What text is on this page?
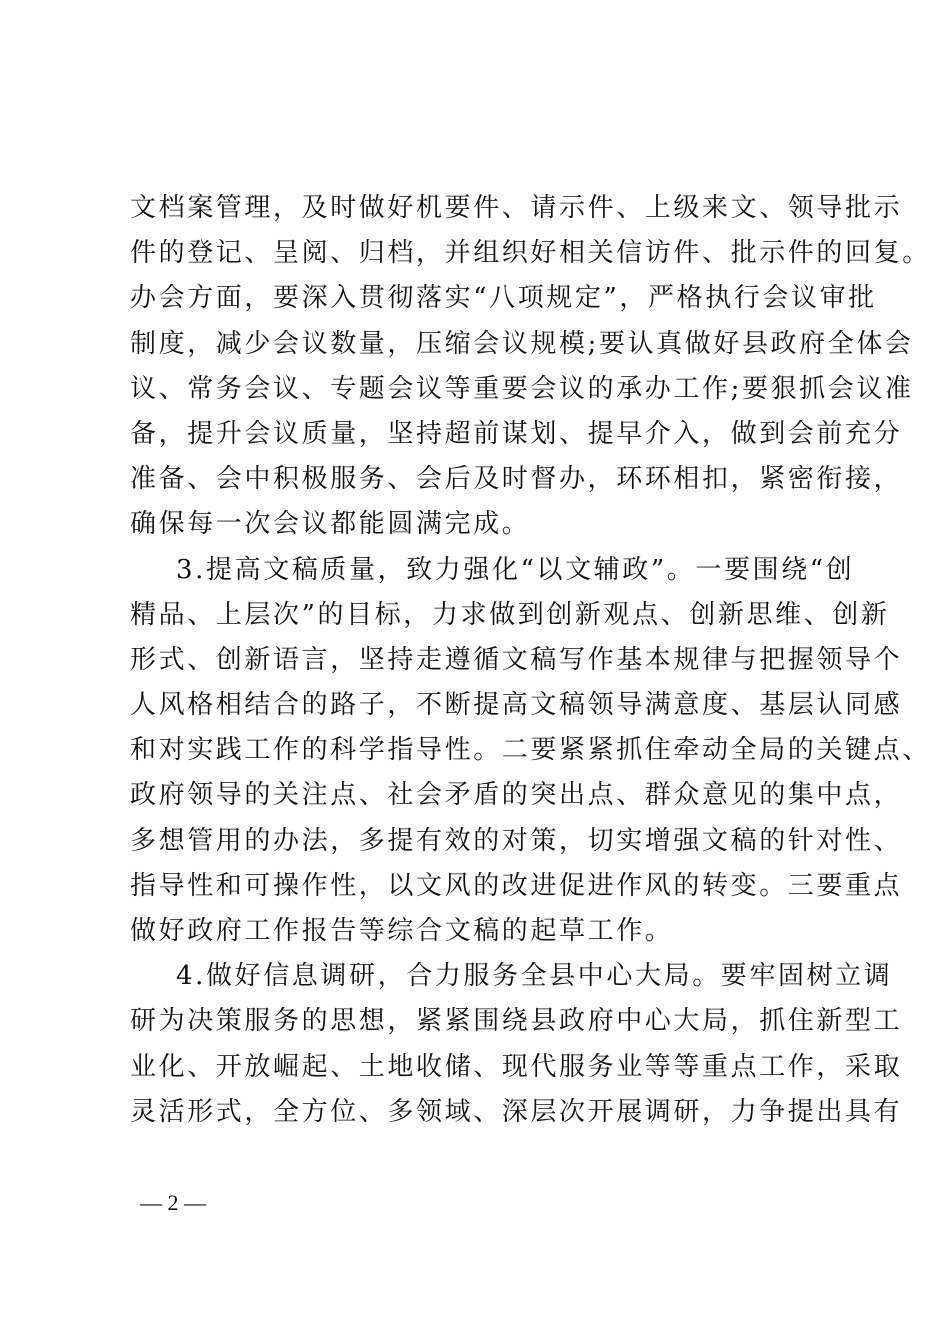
文档案管理，及时做好机要件、请示件、上级来文、领导批示
件的登记、呈阅、归档，并组织好相关信访件、批示件的回复。
办会方面，要深入贯彻落实“八项规定”，严格执行会议审批
制度，减少会议数量，压缩会议规模;要认真做好县政府全体会
议、常务会议、专题会议等重要会议的承办工作;要狠抓会议准
备，提升会议质量，坚持超前谋划、提早介入，做到会前充分
准备、会中积极服务、会后及时督办，环环相扣，紧密衔接，
确保每一次会议都能圆满完成。
3.提高文稿质量，致力强化“以文辅政”。一要围绕“创
精品、上层次”的目标，力求做到创新观点、创新思维、创新
形式、创新语言，坚持走遵循文稿写作基本规律与把握领导个
人风格相结合的路子，不断提高文稿领导满意度、基层认同感
和对实践工作的科学指导性。二要紧紧抓住牵动全局的关键点、
政府领导的关注点、社会矛盾的突出点、群众意见的集中点，
多想管用的办法，多提有效的对策，切实增强文稿的针对性、
指导性和可操作性，以文风的改进促进作风的转变。三要重点
做好政府工作报告等综合文稿的起草工作。
4.做好信息调研，合力服务全县中心大局。要牢固树立调
研为决策服务的思想，紧紧围绕县政府中心大局，抓住新型工
业化、开放崛起、土地收储、现代服务业等等重点工作，采取
灵活形式，全方位、多领域、深层次开展调研，力争提出具有
— 2 —
